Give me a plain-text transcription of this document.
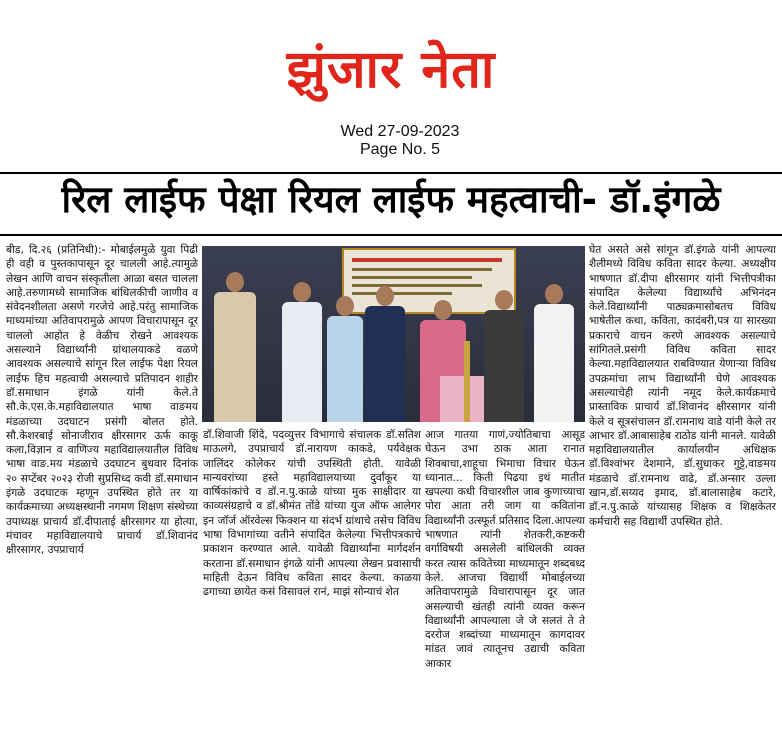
झुंजार नेता
Wed 27-09-2023
Page No. 5
रिल लाईफ पेक्षा रियल लाईफ महत्वाची- डॉ.इंगळे

बीड, दि.२६ (प्रतिनिधी):- मोबाईलमुळे युवा पिढी ही वही व पुस्तकापासून दूर चालली आहे.त्यामुळे लेखन आणि वाचन संस्कृतीला आळा बसत चालला आहे.तरुणामध्ये सामाजिक बांधिलकीची जाणीव व संवेदनशीलता असणे गरजेचे आहे.परंतु सामाजिक माध्यमांच्या अतिवापरामुळे आपण विचारापासून दूर चाललो आहोत हे वेळीच रोखने आवश्यक असल्याने विद्यार्थ्यांनी ग्रांथालयाकडे वळणे आवश्यक असल्याचे सांगून रिल लाईफ पेक्षा रियल लाईफ हिच महत्वाची असल्याचे प्रतिपादन शाहीर डॉ.समाधान इंगळे यांनी केले.ते सौ.के.एस.के.महाविद्यालयात भाषा वाङमय मंडळाच्या उदघाटन प्रसंगी बोलत होते. सौ.केशरबाई सोनाजीराव क्षीरसागर ऊर्फ काकू कला,विज्ञान व वाणिज्य महाविद्यालयातील विविध भाषा वाङ.मय मंडळाचे उदघाटन बुधवार दिनांक २० सप्टेंबर २०२३ रोजी सुप्रसिध्द कवी डॉ.समाधान इंगळे उदघाटक म्हणून उपस्थित होते तर या कार्यक्रमाच्या अध्यक्षस्थानी नगमण शिक्षण संस्थेच्या उपाध्यक्ष प्राचार्य डॉ.दीपाताई क्षीरसागर या होत्या, मंचावर महाविद्यालयाचे प्राचार्य डॉ.शिवानंद क्षीरसागर, उपप्राचार्य

डॉ.शिवाजी शिंदे, पदव्युत्तर विभागाचे संचालक डॉ.सतिश माऊलगे, उपप्राचार्य डॉ.नारायण काकडे, पर्यवेक्षक जालिंदर कोलेकर यांची उपस्थिती होती. यावेळी मान्यवरांच्या हस्ते महाविद्यालयाच्या दुर्वांकूर या वार्षिकांकांचे व डॉ.न.पु.काळे यांच्या मुक साक्षीदार या काव्यसंग्रहाचे व डॉ.श्रीमंत तोंडे यांच्या युज ऑफ आलेगर इन जॉर्ज ऑरवेल्स फिक्शन या संदर्भ ग्रांथाचे तसेच विविध भाषा विभागांच्या वतीने संपादित केलेल्या भित्तीपत्रकाचे प्रकाशन करण्यात आले. यावेळी विद्यार्थ्यांना मार्गदर्शन करताना डॉ.समाधान इंगळे यांनी आपल्या लेखन प्रवासाची माहिती देऊन विविध कविता सादर केल्या. काळया ढगाच्या छायेत कसं विसावलं रानं, माझं सोन्याचं शेत

आज गातया गाणं,ज्योतिबाचा आसूड घेऊन उभा ठाक आता रानात शिवबाचा,शाहूचा भिमाचा विचार घेऊन ध्यानात... किती पिढया इथं मातीत खपल्या कधी विचारशील जाब कुणाच्याचा पोरा आता तरी जाग या कवितांना विद्यार्थ्यांनी उत्स्फूर्त प्रतिसाद दिला.आपल्या भाषणात त्यांनी शेतकरी,कष्टकरी वर्गाविषयी असलेली बांधिलकी व्यक्त करत त्यास कवितेच्या माध्यमातून शब्दबध्द केले. आजचा विद्यार्थी मोबाईलच्या अतिवापरामुळे विचारापासून दूर जात असल्याची खंतही त्यांनी व्यक्त करून विद्यार्थ्यांनी आपल्याला जे जे सलतं ते ते दररोज शब्दांच्या माध्यमातून कागदावर मांडत जावं त्यातूनच उद्याची कविता आकार

घेत असते असे सांगून डॉ.इंगळे यांनी आपल्या शैलीमध्ये विविध कविता सादर केल्या. अध्यक्षीय भाषणात डॉ.दीपा क्षीरसागर यांनी भित्तीपत्रीका संपादित केलेल्या विद्यार्थ्यांचे अभिनंदन केले.विद्यार्थ्यांनी पाठ्यक्रमासोबतच विविध भाषेतील कथा, कविता, कादंबरी,पत्र या सारख्या प्रकाराचे वाचन करणे आवश्यक असल्याचे सांगितले.प्रसंगी विविध कविता सादर केल्या.महाविद्यालयात राबविण्यात येणाऱ्या विविध उपक्रमांचा लाभ विद्यार्थ्यांनी घेणे आवश्यक असल्याचेही त्यांनी नमूद केले.कार्यक्रमाचे प्रास्ताविक प्राचार्य डॉ.शिवानंद क्षीरसागर यांनी केले व सूत्रसंचालन डॉ.रामनाथ वाडे यांनी केले तर आभार डॉ.आबासाहेब राठोड यांनी मानले. यावेळी महाविद्यालयातील कार्यालयीन अधिक्षक डॉ.विश्वांभर देशमाने, डॉ.सुधाकर गुट्टे,वाङमय मंडळाचे डॉ.रामनाथ वाढे, डॉ.अन्सार उल्ला खान,डॉ.सय्यद इमाद, डॉ.बालासाहेब कटारे, डॉ.न.पु.काळे यांच्यासह शिक्षक व शिक्षकेतर कर्मचारी सह विद्यार्थी उपस्थित होते.
